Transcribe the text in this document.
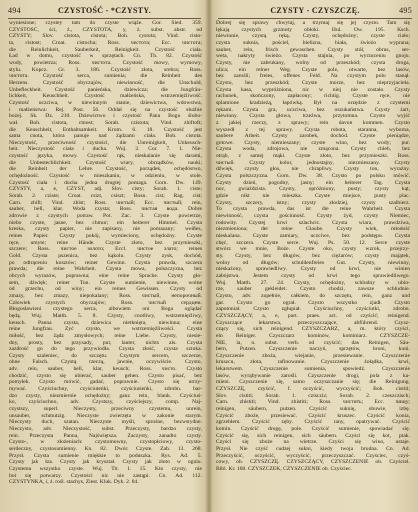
494	CZYSTOŚĆ - *CZYSTY.
wyniesione; czystey tam do czyste wiąże. Gor. Sied. 359.
CZYSTOŚĆ, ści, ż., CZYSTOTA, y, ż. subst. abstr. od
CZYSTY; Slov. cistota, cistota; Boh. cystota; Vind. cisto-
ta, cistost; Croat. cistocha; Ross. честота; Ecc. чистота;
die Reinlichkeit, Sauberkeit, Reinigkeit. Czystość ciała.
Ład w domu, czystość w sprzętach. Cn. Th. 82. Czystość
wody, powietrza; Ross. чистота. Czystość mowy, wymowy,
stylu. Kopcz. Gr. 3. 186. Czystość złota, srebra; Ross.
чистота. Czystość serca, sumienia; die Reinheit des
Herzens. Czystość obyczajów, niewinność, die Unschuld,
Unbefleckheit. Czystość panieńska, dziewicza; die Jungfräu-
lichkeit, Keuschheit. Czystość małżeńska, wstrzemięźliwość.
Czystość uczciwa, w niewinnym stanie, dziewictwa, wdowstwa,
i małżeństwa: Rej. Post. 56. Oddał się na czystość służbie
bożej. Sk. Dz. 210. Dziewictwo i czystość Panu Bogu ślubo-
wał. Boh. cistota, ctnost; Sorab. czistota; Vind. zhiftoft;
die Keuschheit, Enthaltsamkeit. Krom. 6. 18. Czystość jest
sama cnota, która panuje nad żądzami ciała. Boh. cistota.
Nieczystość, przeciwność czystości, die Unreinigkeit, Unkeusch-
heit. Nieczystość ciała i ducha. Wuj. 2. Cor. 7. 1. Nie-
czystość języka, mowy. Czystość rąk, nieskalanie się darami,
die Unbestechlichkeit. Czystość wiary, obrządków, nauki;
die Reinheit der Lehre. Czystość, porządek, ochędóstwo,
ochędożność. Czystość w mieszkaniu, w odzieniu, w stole.
Czystość ciała i ducha jedna drugiej pomaga. Gorn. Dw. 149.
CZYSTY, a, e, CZYST, adj. Slov. cisty; Sorab. 1. ciste;
Sorab. 2. cziste; Croat. csizt, csiszt; Bosn. cist; Rag. cist;
Carn. zhift; Vind. zhist; Ross. чистый; Ecc. чистый; rein,
sauber, hell, klar. Woda czysta; Ross. чистая вода. Dobre
zdrowie z czystych potraw. Pot. Zac. 3. Czyste powietrze,
niebo czyste, jasne, bez chmur; ein heiterer Himmel. Czysta
kreska, czysty papier, nie zapisany, nie pomazany; weißes,
reines Papier. Czysty pokój, wymieciony, ochędożny. Czyste
ręce, umyte; reine Hände. Czyste złoto, bez przymieszki,
szczere; Ross. чистое золото; Eccl. чистое злато; reines
Gold. Czysta pszenica, bez kąkolu. Czysty zysk, dochód,
po odtrąceniu kosztów; reiner Gewinn. Czysta prawda, szczera
prawda; die reine Wahrheit. Czysta mowa, polszczyzna, bez
obcych wyrazów, poprawna; eine reine Sprache. Czysty gło-
sem, dźwięk; reiner Ton. Czyste sumienie, niewinne, wolne
od grzechu, od winy; ein reines Gewissen. Czysty od
zmazy, bez zmazy, niepokalany; Ross. чистый, непорочный.
Człowiek czystych obyczajów; Ross. чистый сердцем.
Błogosławieni czystego serca, albowiem oni Boga oglądać
będą. Wuj. Matth. 5. 8. Czysty, cnotliwy, wstrzemięźliwy,
keusch. Panna czysta, dziewica nietknięta, niewinna; eine
reine Jungfrau. Żyć czysto, we wstrzemięźliwości. Czysta
miłość, bez żądz zmysłowych; reine Liebe. Czysty, niesie-
dny, prosty, bez przysady, pur, lauter, nichts als. Czysta
zazdrość go do tego przywiodła. Czysta złość, czysta sztuka.
Czysty szaleniec, do szczętu. Czystym sercem, szczerze,
ohne Falsch. Czystą rzeczą, jawnie, oczywiście. Czysto,
adv. rein, sauber, hell, klar, keusch; Ross. чисто. Czysto
chodzić, czysto się ubierać, sauber gehen. Czysto pisać, bez
pomyłek. Czysto mówić, gadać, poprawnie. Czysto się utrzy-
mywać. Czyściuchny, czyściuteńki, czyściusieńki, zdrobn. bar-
dzo czysty, niezmiernie ochędożny; ganz rein, blank. Czyściuś-
ko, czyściuchno, adv. Czystszy, czyściejszy, comp. Naj-
czystszy, superl. Nieczysty, przeciwny czystemu, unrein,
unsauber, schmutzig. Nieczyste zwierzęta w zakonie starym.
Nieczysty duch, szatan. Nieczyste myśli, sprośne, bezwstydne.
Nieczysto, adv. Nieczystość, subst. Przeczysty, bardzo czysty,
rein. Przeczysta Panna, Najświętsza. Zaczysty, zanadto czysty.
Czysto-, w złożeniach: czystomowny, czystopłciowy, czysto-
serdeczny, czystosumienny. Kn. 82. Dwór. Czyste. Zab. 13. 268.
Przysł. Czysta sumienie miękkie to poduszka. Rys. Ad. 5.
Czysty jak łza. Czysty jak kryształ. Czysty jak złoto w ogniu.
Czystemu wszystko czyste. Wuj. Tit. 1. 15. Kto czysty, nie
boi się potwarzy. Czystości nic nie zastąpi. Cn. Ad. 112.
CZYSTYŃKA, i, ż. rośl. stachys, Ziest. Kluk. Dyk. 2. 84.
CZYSTY - CZYSZCZĘ.	495
Dobrej się sprawy chwytaj, a trzymaj się jej czysto. Tam się
lękają czystych grzmoty obłoki. Hul. Ow. 195. Ksch.
niewinnie, czystą ręką. Czysty, ochędożny; czyste ciało;
czysta suknia, pościel, bielizna, biała, świeżo wyprana;
sauber, rein, frisch gewaschen. Czysty stół, obrus, ser-
weta, nakryty świeżo. Czysta stajnia, po wyrzuceniu gnoju.
Czysty, nie zabrukany, wolny od przeszkód; czysta droga,
ulica; ein reiner Weg. Czyste pole, otwarte, bez lasów,
bez zarośli; freies, offenes Feld. Na czystym polu stanął.
Czysto, bez przeszkód; Czyste morze, bez nieprzyjaciela.
Czysta kasa, wypróżniona, nic w niej nie zostało. Czysty
rachunek, skończony, zapłacony; richtig. Czyste ręce, nie
splamione kradzieżą, łapówką. Był na urzędzie z czystemi
rękami. Czysta gra, uczciwa, bez oszukaństwa. Czysty żart,
niewinny. Czysta głowa, trzeźwa, przytomna. Czysto wyjść
z jakiej rzeczy, z sprawy; rein davon kommen. Czysto
wyszedł z tej sprawy. Czysta robota, staranna, wyborna,
saubere Arbeit. Czysty zarobek, dochód. Czyste pieniądze,
gotowe. Czysty, niemieszany; czyste wino, bez wody; pur.
Czysta woda, zdrojowa, nie zmącona. Czysty chleb, bez
otrąb, z samej mąki. Czyste złoto, bez przymieszki. Ross.
чистый. Czysty kolor, jednostajny, niezmieszany. Czysty
dźwięk, czysty głos, nie chrapliwy. Czysty ton, wyraźny.
Czysta polszczyzna. Gorn. Dw. 38. Czysto po polsku mówić.
Czysty dzień, pogodny, jasny; ein heiterer Tag. Czysta
noc, gwiaździsta. Czysty, opróżniony, pusty; czysty kąt,
gdzie nikt nie mieszka. Czyste miejsce, pusty plac.
Czysty, szczery, istny; czysty złodziej, czysty szalbierz.
To czysta prawda, das ist die reine Wahrheit. Czysta
niewinność, czysta gościnność. Czysty żyd, czysty Niemiec,
rodowity. Czystej krwi szlachcic. Czysta wiara, prawdziwa,
niezmieniona; der reine Glaube. Czysty wiek, młodość
nieskalana. Czyste zamiary, uczciwe, bez podstępu. Czysta
chęć, szczera. Czyste serce. Wuj. Ps. 50. 12. Serce czyste
stwórz we mnie, Boże. Czyste oko, czysty wzrok, przejrzy-
sty. Czysty, bez długów, bez ciężarów; czysty majątek,
wolny od długów; schuldenfreies Gut. Czysty, niewinny,
nieskażony, sprawiedliwy. Czysty od krwi, nie winien
zabójstwa. Jestem czysty od krwi tego sprawiedliwego.
Wuj. Matth. 27. 24. Czysty, ochędożny, schludny w ubio-
rze, sauber gekleidet. Czysto chodzi, zawsze schludnie.
Czysto, adv. zupełnie, całkiem, do szczętu, rein, ganz und
gar. Czysto go ograł. Czysto wszystko zjadł. Czysto
zapomniał. Czysto zgłupiał. Czyściuchny, czyściutki, zdrobn.
CZYSZCZĄCY, a, e, part. praes. act. od czyścić; reinigend.
Czyszczące lekarstwa, przeczyszczające, abführend. Czysz-
czący się, sich reinigend. CZYSZCZARZ, a, m. który czyści,
ein Reiniger. Czyszczarz kominów, kominiarz. CZYSZCZE-
NIE, ia, n. subst. verb. od czyścić; das Reinigen, Säu-
bern, Putzen. Czyszczenie naczyń, sprzętów, broni, koni.
Czyszczenie zboża, wiejanie, przesiewanie. Czyszczenie
kruszcu, złota, rafinowanie. Czyszczenie żołądka, krwi,
lekarstwem. Czyszczenie sumienia, spowiedź. Czyszczenie
lasów, wyrąbywanie zarośli. Czyszczenie drogi, pola z ka-
mieni. Czyszczenie się, samo oczyszczanie się; die Reinigung.
CZYSZCZĘ, czyścić, f. oczyścić, wyczyścić; Boh. cistiti;
Slov. cistiti; Sorab. 1. cziscziz; Sorab. 2. czeszczisch;
Carn. zhistiti; Vind. zhistiti; Ross. чистить; Ecc. чищу;
reinigen, säubern, putzen. Czyścić suknię, obuwie, izbę.
Czyścić zboże, przesiewać. Czyścić kruszec. Czyścić konia,
zgrzebłem. Czyścić zęby. Czyścić rany, opatrywać. Czyścić
komin. Czyścić drogę, pole. Czyścić sumienie, spowiadać się.
Czyścić się, sich reinigen, sich säubern. Czyści się kot, ptak.
Czyści się zboże na wietrze. Czyści się wino, ustaje.
Przysł. Nie czyść cudzej sukni, kiedy twoja brudna. Cn. Ad.
Przeczyścić, oczyścić, wyczyścić, przeczyszczać. Czyściec, czyś-
cowy, ob. CZYSZCZĘ. CZYSZCZĄCY, CZYSZCZENIE ob. Czyściel.
Bibl. Kr. 168. CZYSZCZEK, CZYSZCZENIE ob. Czyściec.
